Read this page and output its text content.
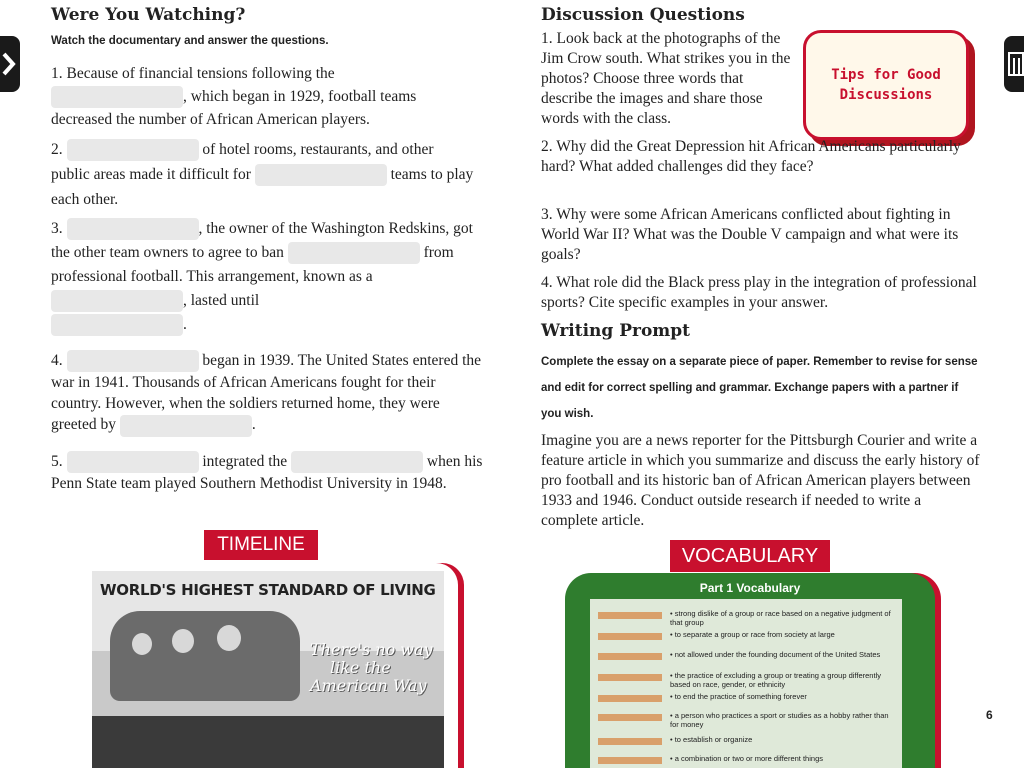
Were You Watching?
Watch the documentary and answer the questions.

1. Because of financial tensions following the
, which began in 1929, football teams decreased the number of African American players.

2.	of hotel rooms, restaurants, and other
public areas made it difficult for	teams to play each other.

3.	, the owner of the Washington Redskins, got the other team owners to agree to ban	from professional football. This arrangement, known as a , lasted until
.

4.	began in 1939. The United States entered the war in 1941. Thousands of African Americans fought for their country. However, when the soldiers returned home, they were greeted by	.

5.	integrated the	when his Penn State team played Southern Methodist University in 1948.

TIMELINE
WORLD'S HIGHEST STANDARD OF LIVING
There's no way
like the
American Way
Discussion Questions
Tips for Good Discussions
1. Look back at the photographs of the Jim Crow south. What strikes you in the photos? Choose three words that describe the images and share those words with the class.
2. Why did the Great Depression hit African Americans particularly hard? What added challenges did they face?
3. Why were some African Americans conflicted about fighting in World War II? What was the Double V campaign and what were its goals?
4. What role did the Black press play in the integration of professional sports? Cite specific examples in your answer.
Writing Prompt
Complete the essay on a separate piece of paper. Remember to revise for sense and edit for correct spelling and grammar. Exchange papers with a partner if you wish.
Imagine you are a news reporter for the Pittsburgh Courier and write a feature article in which you summarize and discuss the early history of pro football and its historic ban of African American players between 1933 and 1946. Conduct outside research if needed to write a complete article.
VOCABULARY
Part 1 Vocabulary
• strong dislike of a group or race based on a negative judgment of that group
• to separate a group or race from society at large
• not allowed under the founding document of the United States
• the practice of excluding a group or treating a group differently based on race, gender, or ethnicity
• to end the practice of something forever
• a person who practices a sport or studies as a hobby rather than for money
• to establish or organize
• a combination or two or more different things
6
